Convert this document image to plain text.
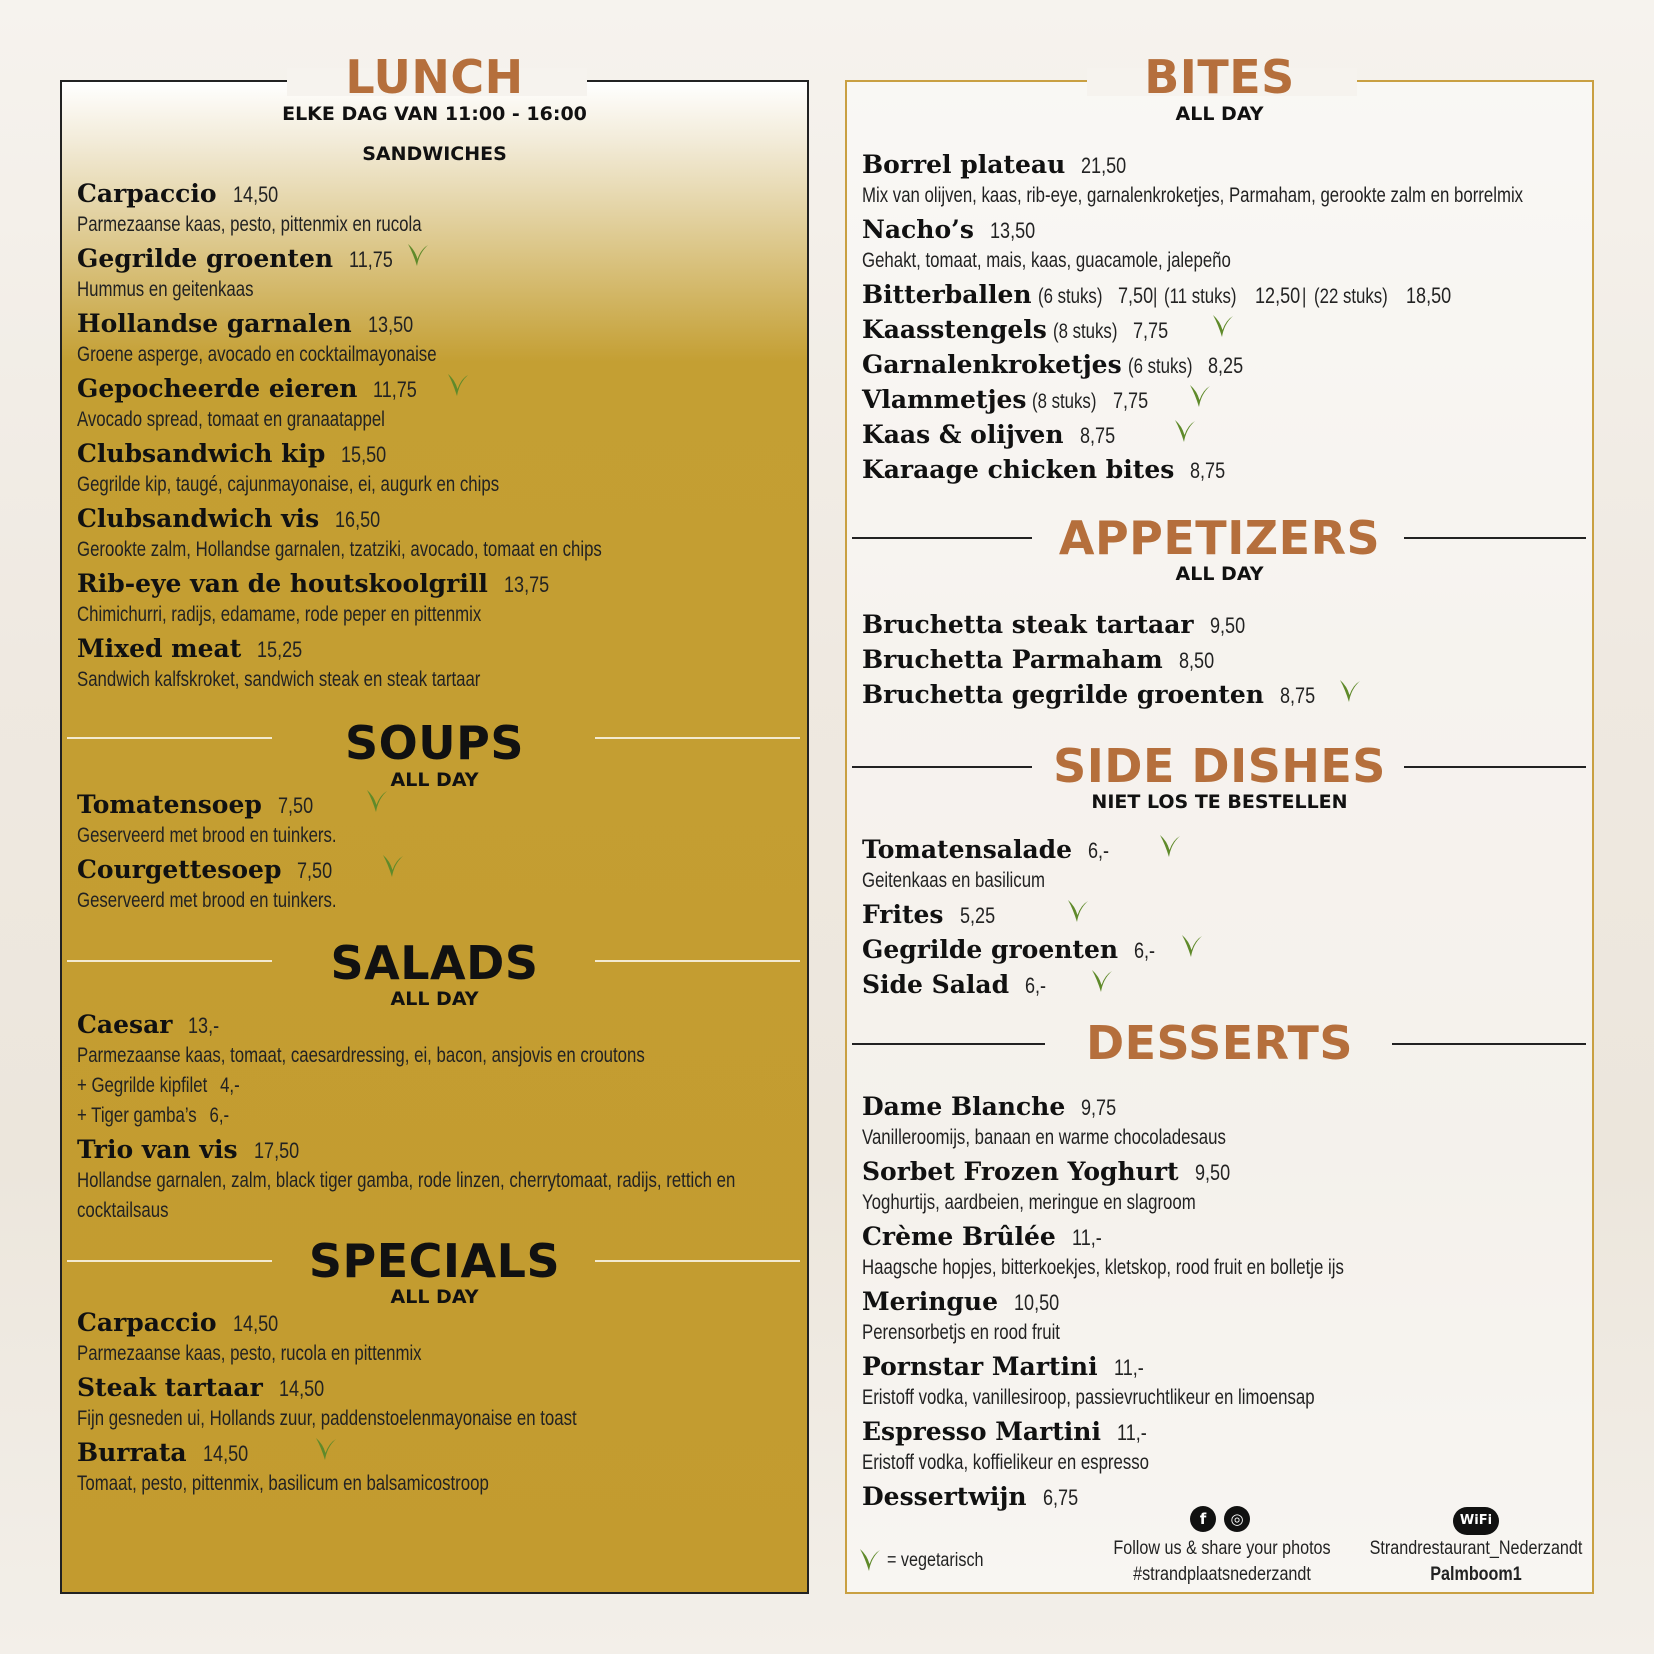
LUNCH
ELKE DAG VAN 11:00 - 16:00
SANDWICHES
Carpaccio 14,50
Parmezaanse kaas, pesto, pittenmix en rucola
Gegrilde groenten 11,75
Hummus en geitenkaas
Hollandse garnalen 13,50
Groene asperge, avocado en cocktailmayonaise
Gepocheerde eieren 11,75
Avocado spread, tomaat en granaatappel
Clubsandwich kip 15,50
Gegrilde kip, taugé, cajunmayonaise, ei, augurk en chips
Clubsandwich vis 16,50
Gerookte zalm, Hollandse garnalen, tzatziki, avocado, tomaat en chips
Rib-eye van de houtskoolgrill 13,75
Chimichurri, radijs, edamame, rode peper en pittenmix
Mixed meat 15,25
Sandwich kalfskroket, sandwich steak en steak tartaar
SOUPS
ALL DAY
Tomatensoep 7,50
Geserveerd met brood en tuinkers.
Courgettesoep 7,50
Geserveerd met brood en tuinkers.
SALADS
ALL DAY
Caesar 13,-
Parmezaanse kaas, tomaat, caesardressing, ei, bacon, ansjovis en croutons
+ Gegrilde kipfilet 4,-
+ Tiger gamba’s 6,-
Trio van vis 17,50
Hollandse garnalen, zalm, black tiger gamba, rode linzen, cherrytomaat, radijs, rettich en
cocktailsaus
SPECIALS
ALL DAY
Carpaccio 14,50
Parmezaanse kaas, pesto, rucola en pittenmix
Steak tartaar 14,50
Fijn gesneden ui, Hollands zuur, paddenstoelenmayonaise en toast
Burrata 14,50
Tomaat, pesto, pittenmix, basilicum en balsamicostroop
BITES
ALL DAY
Borrel plateau 21,50
Mix van olijven, kaas, rib-eye, garnalenkroketjes, Parmaham, gerookte zalm en borrelmix
Nacho’s 13,50
Gehakt, tomaat, mais, kaas, guacamole, jalepeño
Bitterballen (6 stuks) 7,50| (11 stuks) 12,50| (22 stuks) 18,50
Kaasstengels (8 stuks) 7,75
Garnalenkroketjes (6 stuks) 8,25
Vlammetjes (8 stuks) 7,75
Kaas & olijven 8,75
Karaage chicken bites 8,75
APPETIZERS
ALL DAY
Bruchetta steak tartaar 9,50
Bruchetta Parmaham 8,50
Bruchetta gegrilde groenten 8,75
SIDE DISHES
NIET LOS TE BESTELLEN
Tomatensalade 6,-
Geitenkaas en basilicum
Frites 5,25
Gegrilde groenten 6,-
Side Salad 6,-
DESSERTS
Dame Blanche 9,75
Vanilleroomijs, banaan en warme chocoladesaus
Sorbet Frozen Yoghurt 9,50
Yoghurtijs, aardbeien, meringue en slagroom
Crème Brûlée 11,-
Haagsche hopjes, bitterkoekjes, kletskop, rood fruit en bolletje ijs
Meringue 10,50
Perensorbetjs en rood fruit
Pornstar Martini 11,-
Eristoff vodka, vanillesiroop, passievruchtlikeur en limoensap
Espresso Martini 11,-
Eristoff vodka, koffielikeur en espresso
Dessertwijn 6,75
= vegetarisch
f	◎
Follow us & share your photos
#strandplaatsnederzandt
WiFi
Strandrestaurant_Nederzandt
Palmboom1
